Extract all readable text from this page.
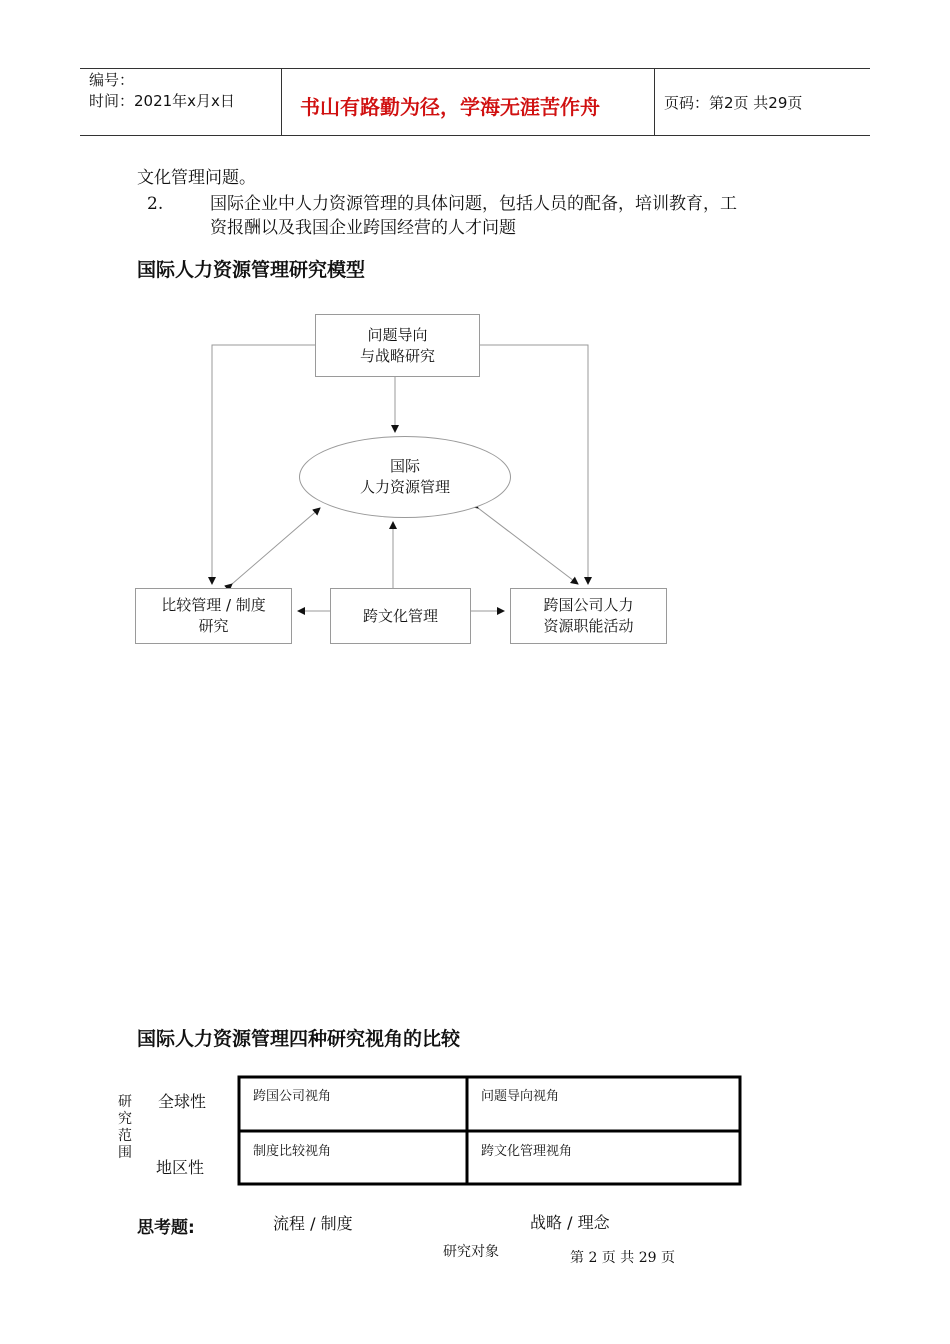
编号：
时间：2021年x月x日	书山有路勤为径，学海无涯苦作舟	页码：第2页 共29页
文化管理问题。
2.	国际企业中人力资源管理的具体问题，包括人员的配备，培训教育，工
资报酬以及我国企业跨国经营的人才问题
国际人力资源管理研究模型
问题导向
与战略研究
国际
人力资源管理
比较管理 / 制度
研究
跨文化管理
跨国公司人力
资源职能活动
国际人力资源管理四种研究视角的比较
研究范围
全球性
地区性
跨国公司视角	问题导向视角
制度比较视角	跨文化管理视角
思考题:	流程 / 制度	战略 / 理念
研究对象	第 2 页 共 29 页
